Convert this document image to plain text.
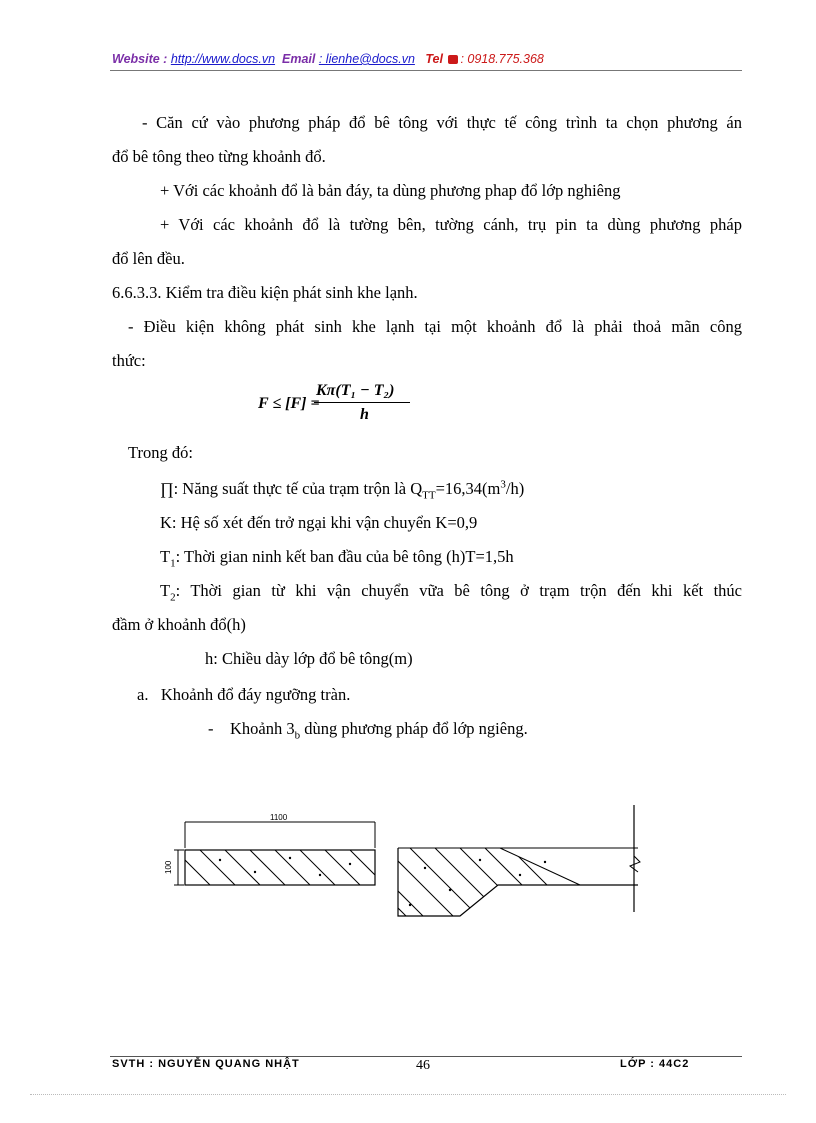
Website : http://www.docs.vn Email : lienhe@docs.vn Tel : 0918.775.368
- Căn cứ vào phương pháp đổ bê tông với thực tế công trình ta chọn phương án
đổ bê tông theo từng khoảnh đổ.
+ Với các khoảnh đổ là bản đáy, ta dùng phương phap đổ lớp nghiêng
+ Với các khoảnh đổ là tường bên, tường cánh, trụ pin ta dùng phương pháp
đổ lên đều.
6.6.3.3. Kiểm tra điều kiện phát sinh khe lạnh.
- Điều kiện không phát sinh khe lạnh tại một khoảnh đổ là phải thoả mãn công
thức:
F ≤ [F] =
Kπ(T₁ − T₂)
h
Trong đó:
∏: Năng suất thực tế của trạm trộn là $Q_{TT}=16,34(m^3/h)$
K: Hệ số xét đến trở ngại khi vận chuyển K=0,9
$T_1$: Thời gian ninh kết ban đầu của bê tông (h)T=1,5h
$T_2$: Thời gian từ khi vận chuyển vữa bê tông ở trạm trộn đến khi kết thúc
đầm ở khoảnh đổ(h)
h: Chiều dày lớp đổ bê tông(m)
a. Khoảnh đổ đáy ngưỡng tràn.
- Khoảnh $3_b$ dùng phương pháp đổ lớp ngiêng.
1100
100
SVTH : NGUYỄN QUANG NHẬT	46	LỚP : 44C2
